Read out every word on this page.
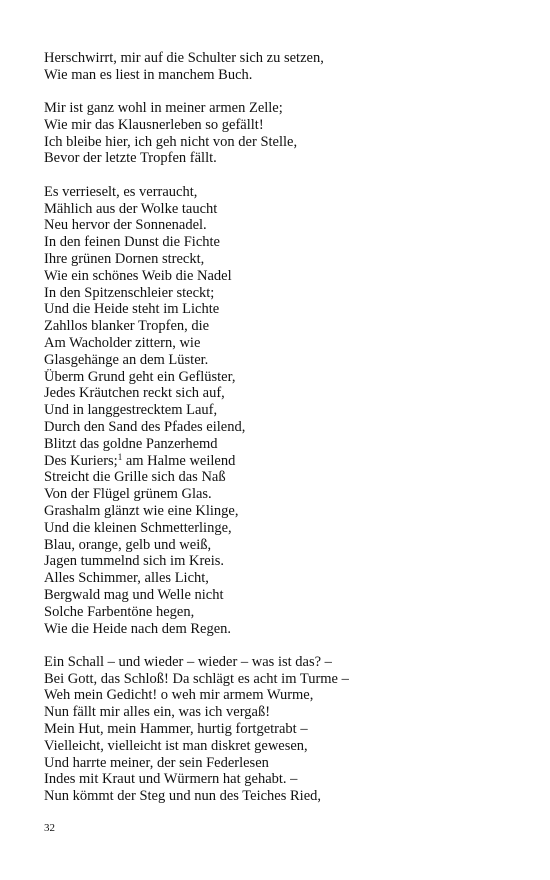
Herschwirrt, mir auf die Schulter sich zu setzen,
Wie man es liest in manchem Buch.
Mir ist ganz wohl in meiner armen Zelle;
Wie mir das Klausnerleben so gefällt!
Ich bleibe hier, ich geh nicht von der Stelle,
Bevor der letzte Tropfen fällt.
Es verrieselt, es verraucht,
Mählich aus der Wolke taucht
Neu hervor der Sonnenadel.
In den feinen Dunst die Fichte
Ihre grünen Dornen streckt,
Wie ein schönes Weib die Nadel
In den Spitzenschleier steckt;
Und die Heide steht im Lichte
Zahllos blanker Tropfen, die
Am Wacholder zittern, wie
Glasgehänge an dem Lüster.
Überm Grund geht ein Geflüster,
Jedes Kräutchen reckt sich auf,
Und in langgestrecktem Lauf,
Durch den Sand des Pfades eilend,
Blitzt das goldne Panzerhemd
Des Kuriers;$^1$ am Halme weilend
Streicht die Grille sich das Naß
Von der Flügel grünem Glas.
Grashalm glänzt wie eine Klinge,
Und die kleinen Schmetterlinge,
Blau, orange, gelb und weiß,
Jagen tummelnd sich im Kreis.
Alles Schimmer, alles Licht,
Bergwald mag und Welle nicht
Solche Farbentöne hegen,
Wie die Heide nach dem Regen.
Ein Schall – und wieder – wieder – was ist das? –
Bei Gott, das Schloß! Da schlägt es acht im Turme –
Weh mein Gedicht! o weh mir armem Wurme,
Nun fällt mir alles ein, was ich vergaß!
Mein Hut, mein Hammer, hurtig fortgetrabt –
Vielleicht, vielleicht ist man diskret gewesen,
Und harrte meiner, der sein Federlesen
Indes mit Kraut und Würmern hat gehabt. –
Nun kömmt der Steg und nun des Teiches Ried,
32
